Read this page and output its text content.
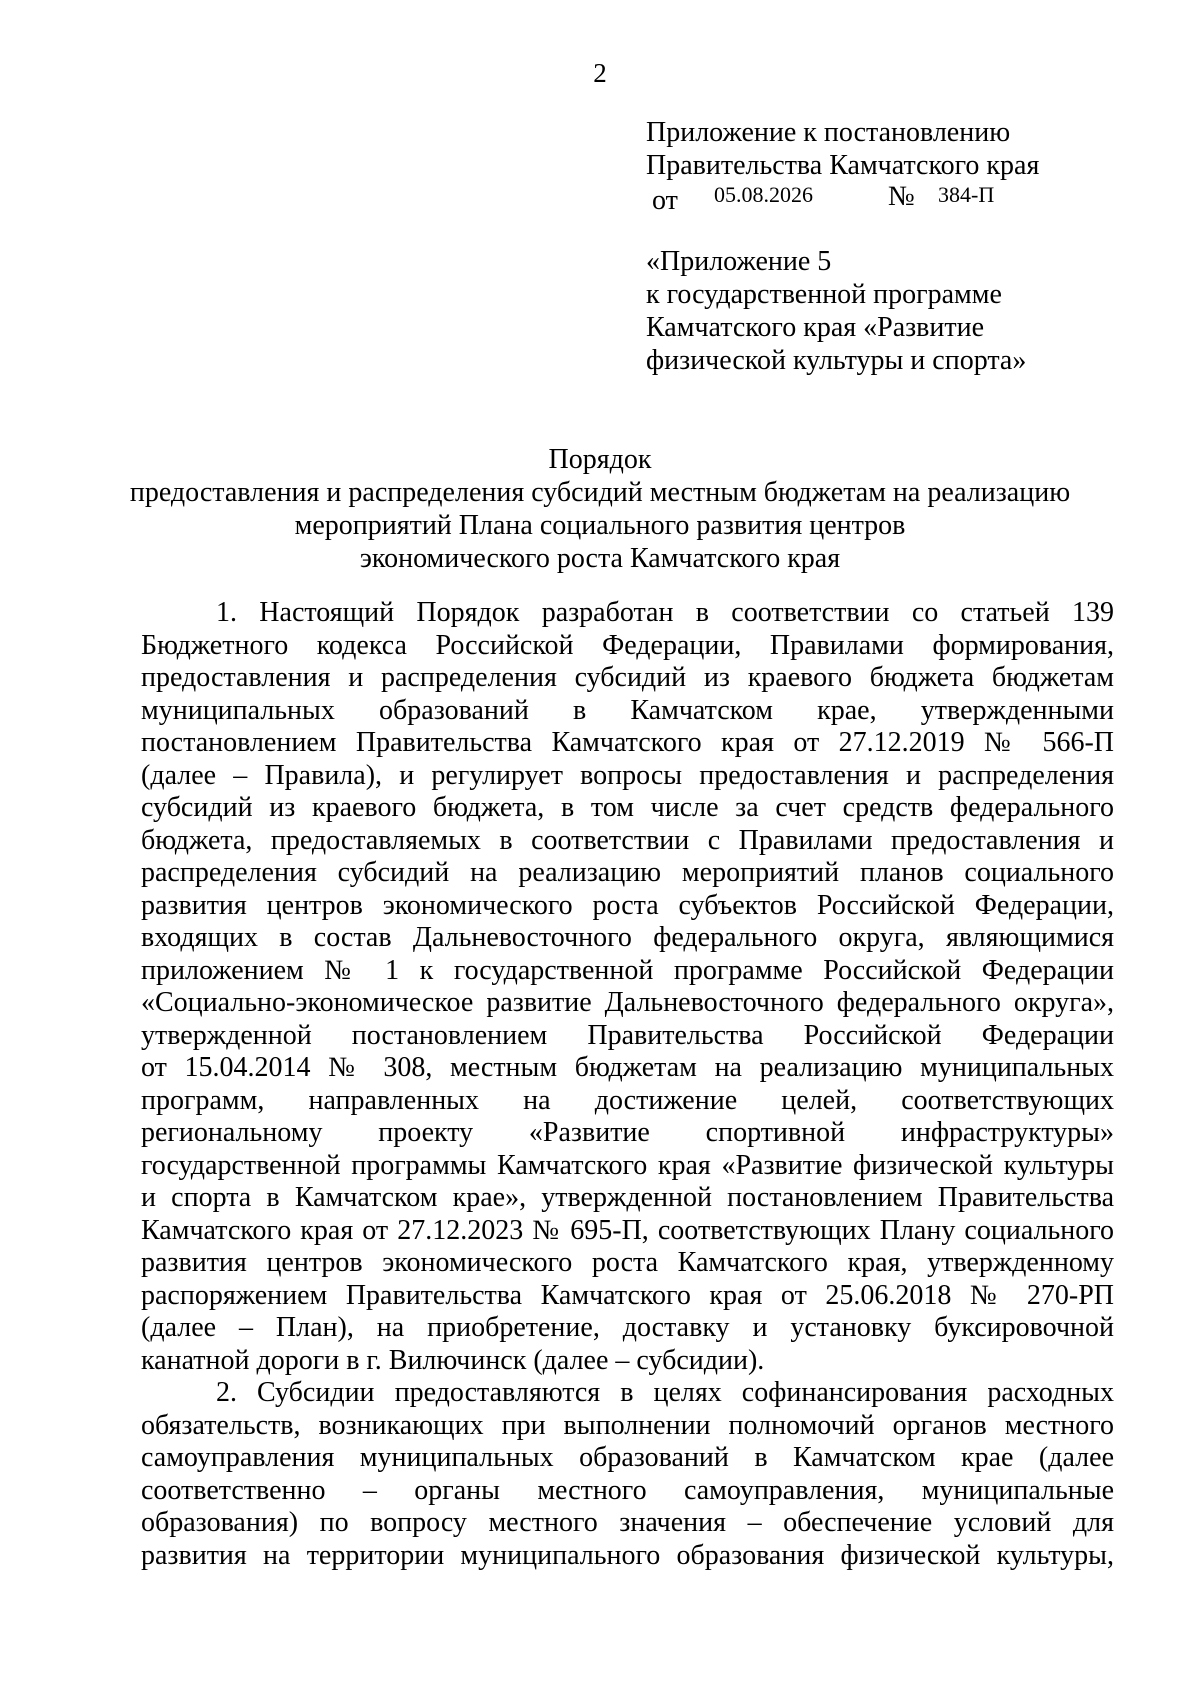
2
Приложение к постановлению
Правительства Камчатского края
от 05.08.2026	№ 384-П
«Приложение 5
к государственной программе
Камчатского края «Развитие
физической культуры и спорта»
Порядок
предоставления и распределения субсидий местным бюджетам на реализацию
мероприятий Плана социального развития центров
экономического роста Камчатского края
1. Настоящий Порядок разработан в соответствии со статьей 139
Бюджетного кодекса Российской Федерации, Правилами формирования,
предоставления и распределения субсидий из краевого бюджета бюджетам
муниципальных образований в Камчатском крае, утвержденными
постановлением Правительства Камчатского края от 27.12.2019 № 566-П
(далее – Правила), и регулирует вопросы предоставления и распределения
субсидий из краевого бюджета, в том числе за счет средств федерального
бюджета, предоставляемых в соответствии с Правилами предоставления и
распределения субсидий на реализацию мероприятий планов социального
развития центров экономического роста субъектов Российской Федерации,
входящих в состав Дальневосточного федерального округа, являющимися
приложением № 1 к государственной программе Российской Федерации
«Социально-экономическое развитие Дальневосточного федерального округа»,
утвержденной постановлением Правительства Российской Федерации
от 15.04.2014 № 308, местным бюджетам на реализацию муниципальных
программ, направленных на достижение целей, соответствующих
региональному проекту «Развитие спортивной инфраструктуры»
государственной программы Камчатского края «Развитие физической культуры
и спорта в Камчатском крае», утвержденной постановлением Правительства
Камчатского края от 27.12.2023 № 695-П, соответствующих Плану социального
развития центров экономического роста Камчатского края, утвержденному
распоряжением Правительства Камчатского края от 25.06.2018 № 270-РП
(далее – План), на приобретение, доставку и установку буксировочной
канатной дороги в г. Вилючинск (далее – субсидии).
2. Субсидии предоставляются в целях софинансирования расходных
обязательств, возникающих при выполнении полномочий органов местного
самоуправления муниципальных образований в Камчатском крае (далее
соответственно – органы местного самоуправления, муниципальные
образования) по вопросу местного значения – обеспечение условий для
развития на территории муниципального образования физической культуры,
